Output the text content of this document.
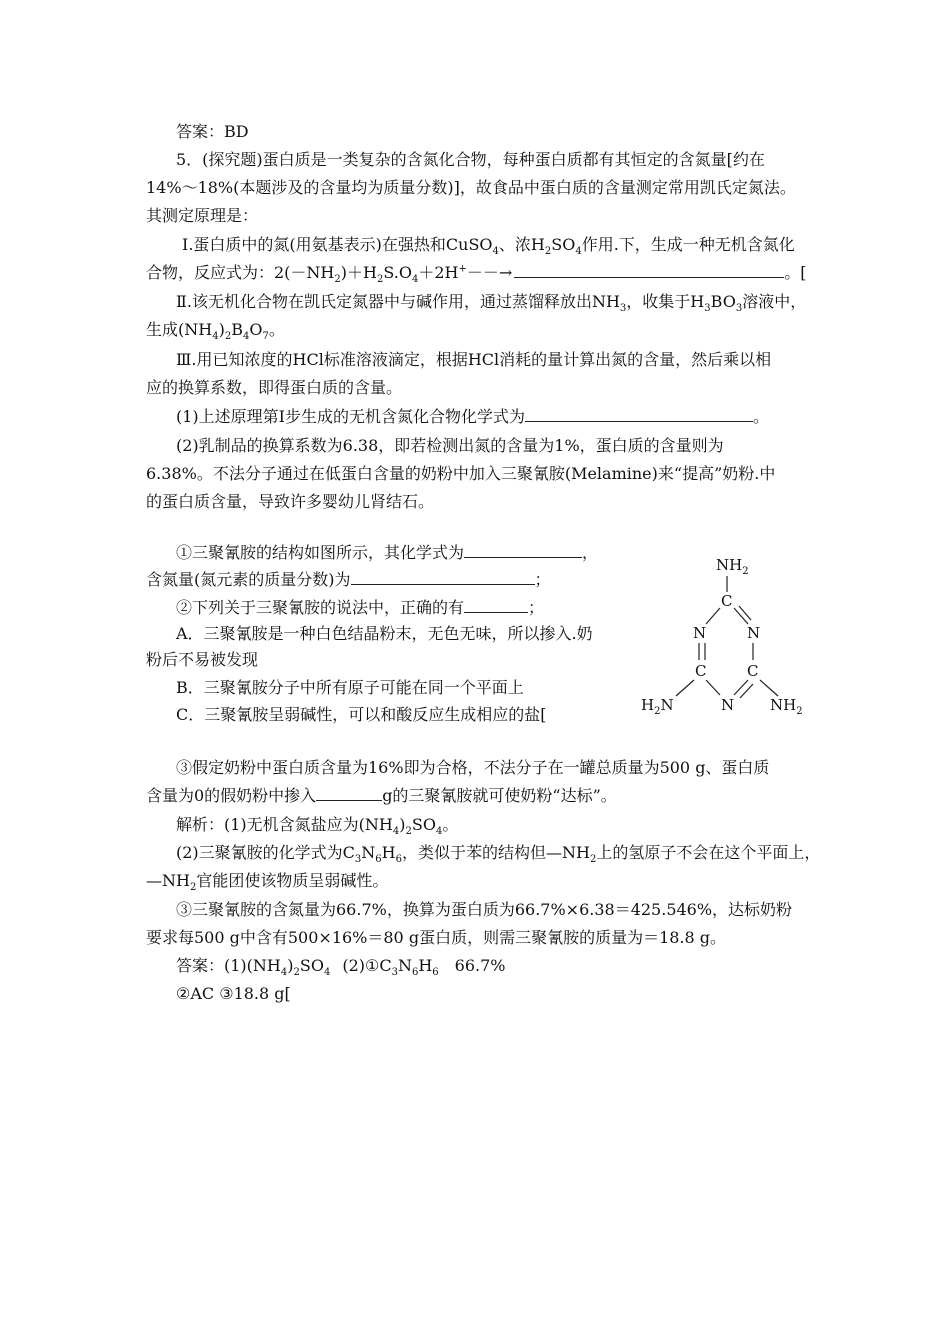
答案：BD
5．(探究题)蛋白质是一类复杂的含氮化合物，每种蛋白质都有其恒定的含氮量[约在
14%～18%(本题涉及的含量均为质量分数)]，故食品中蛋白质的含量测定常用凯氏定氮法。
其测定原理是：
Ⅰ.蛋白质中的氮(用氨基表示)在强热和CuSO$_4$、浓$H_2SO_4$作用.下，生成一种无机含氮化
合物，反应式为：$2(-NH_2)+H_2S.O_4+2H^+--\to$	。[
Ⅱ.该无机化合物在凯氏定氮器中与碱作用，通过蒸馏释放出$NH_3$，收集于$H_3BO_3$溶液中，
生成$(NH_4)_2B_4O_7$。
Ⅲ.用已知浓度的HCl标准溶液滴定，根据HCl消耗的量计算出氮的含量，然后乘以相
应的换算系数，即得蛋白质的含量。
(1)上述原理第Ⅰ步生成的无机含氮化合物化学式为	。
(2)乳制品的换算系数为6.38，即若检测出氮的含量为1%，蛋白质的含量则为
6.38%。不法分子通过在低蛋白含量的奶粉中加入三聚氰胺(Melamine)来“提高”奶粉.中
的蛋白质含量，导致许多婴幼儿肾结石。
①三聚氰胺的结构如图所示，其化学式为	，
含氮量(氮元素的质量分数)为	；
②下列关于三聚氰胺的说法中，正确的有	；
A．三聚氰胺是一种白色结晶粉末，无色无味，所以掺入.奶
粉后不易被发现
B．三聚氰胺分子中所有原子可能在同一个平面上
C．三聚氰胺呈弱碱性，可以和酸反应生成相应的盐[
$NH_2$
C
N	N
C	C
N
$H_2N$	$NH_2$
③假定奶粉中蛋白质含量为16%即为合格，不法分子在一罐总质量为500 g、蛋白质
含量为0的假奶粉中掺入	g的三聚氰胺就可使奶粉“达标”。
解析：(1)无机含氮盐应为$(NH_4)_2SO_4$。
(2)三聚氰胺的化学式为$C_3N_6H_6$，类似于苯的结构但$—NH_2$上的氢原子不会在这个平面上，
$—NH_2$官能团使该物质呈弱碱性。
③三聚氰胺的含氮量为66.7%，换算为蛋白质为66.7%×6.38＝425.546%，达标奶粉
要求每500 g中含有500×16%＝80 g蛋白质，则需三聚氰胺的质量为＝18.8 g。
答案：$(1)(NH_4)_2SO_4$ $(2)①C_3N_6H_6$ 66.7%
②AC ③18.8 g[
